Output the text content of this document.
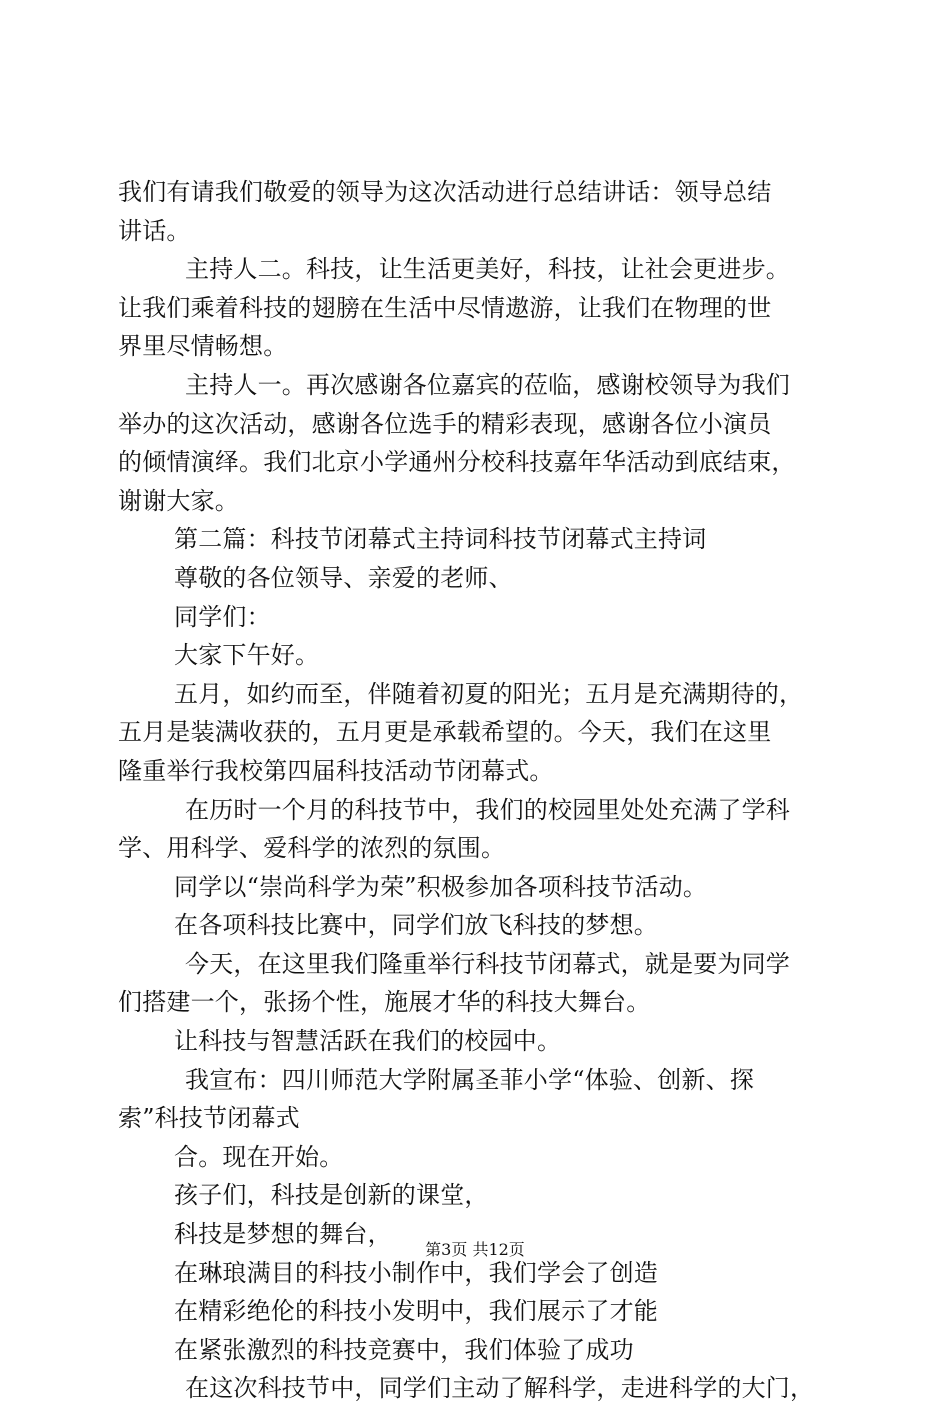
我们有请我们敬爱的领导为这次活动进行总结讲话：领导总结
讲话。
主持人二。科技，让生活更美好，科技，让社会更进步。
让我们乘着科技的翅膀在生活中尽情遨游，让我们在物理的世
界里尽情畅想。
主持人一。再次感谢各位嘉宾的莅临，感谢校领导为我们
举办的这次活动，感谢各位选手的精彩表现，感谢各位小演员
的倾情演绎。我们北京小学通州分校科技嘉年华活动到底结束，
谢谢大家。
第二篇：科技节闭幕式主持词科技节闭幕式主持词
尊敬的各位领导、亲爱的老师、
同学们：
大家下午好。
五月，如约而至，伴随着初夏的阳光；五月是充满期待的，
五月是装满收获的，五月更是承载希望的。今天，我们在这里
隆重举行我校第四届科技活动节闭幕式。
在历时一个月的科技节中，我们的校园里处处充满了学科
学、用科学、爱科学的浓烈的氛围。
同学以“崇尚科学为荣”积极参加各项科技节活动。
在各项科技比赛中，同学们放飞科技的梦想。
今天，在这里我们隆重举行科技节闭幕式，就是要为同学
们搭建一个，张扬个性，施展才华的科技大舞台。
让科技与智慧活跃在我们的校园中。
我宣布：四川师范大学附属圣菲小学“体验、创新、探
索”科技节闭幕式
合。现在开始。
孩子们，科技是创新的课堂，
科技是梦想的舞台，
在琳琅满目的科技小制作中，我们学会了创造
在精彩绝伦的科技小发明中，我们展示了才能
在紧张激烈的科技竞赛中，我们体验了成功
在这次科技节中，同学们主动了解科学，走进科学的大门，
第3页 共12页
